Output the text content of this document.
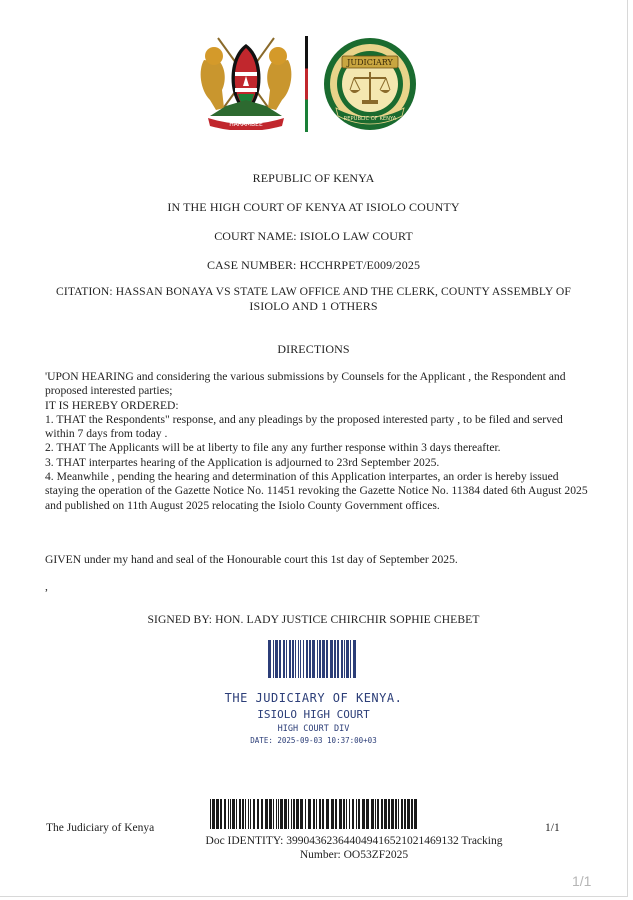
HARAMBEE
JUDICIARY
REPUBLIC OF KENYA
REPUBLIC OF KENYA
IN THE HIGH COURT OF KENYA AT ISIOLO COUNTY
COURT NAME: ISIOLO LAW COURT
CASE NUMBER: HCCHRPET/E009/2025
CITATION: HASSAN BONAYA VS STATE LAW OFFICE AND THE CLERK, COUNTY ASSEMBLY OF
ISIOLO AND 1 OTHERS
DIRECTIONS

'UPON HEARING and considering the various submissions by Counsels for the Applicant , the Respondent and proposed interested parties;

IT IS HEREBY ORDERED:

1. THAT the Respondents" response, and any pleadings by the proposed interested party , to be filed and served within 7 days from today .

2. THAT The Applicants will be at liberty to file any any further response within 3 days thereafter.

3. THAT interpartes hearing of the Application is adjourned to 23rd September 2025.

4. Meanwhile , pending the hearing and determination of this Application interpartes, an order is hereby issued staying the operation of the Gazette Notice No. 11451 revoking the Gazette Notice No. 11384 dated 6th August 2025 and published on 11th August 2025 relocating the Isiolo County Government offices.

GIVEN under my hand and seal of the Honourable court this 1st day of September 2025.
,
SIGNED BY: HON. LADY JUSTICE CHIRCHIR SOPHIE CHEBET
THE JUDICIARY OF KENYA.
ISIOLO HIGH COURT
HIGH COURT DIV
DATE: 2025-09-03 10:37:00+03
The Judiciary of Kenya	1/1
Doc IDENTITY: 3990436236440494165210214691​32 Tracking
Number: OO53ZF2025
1/1
